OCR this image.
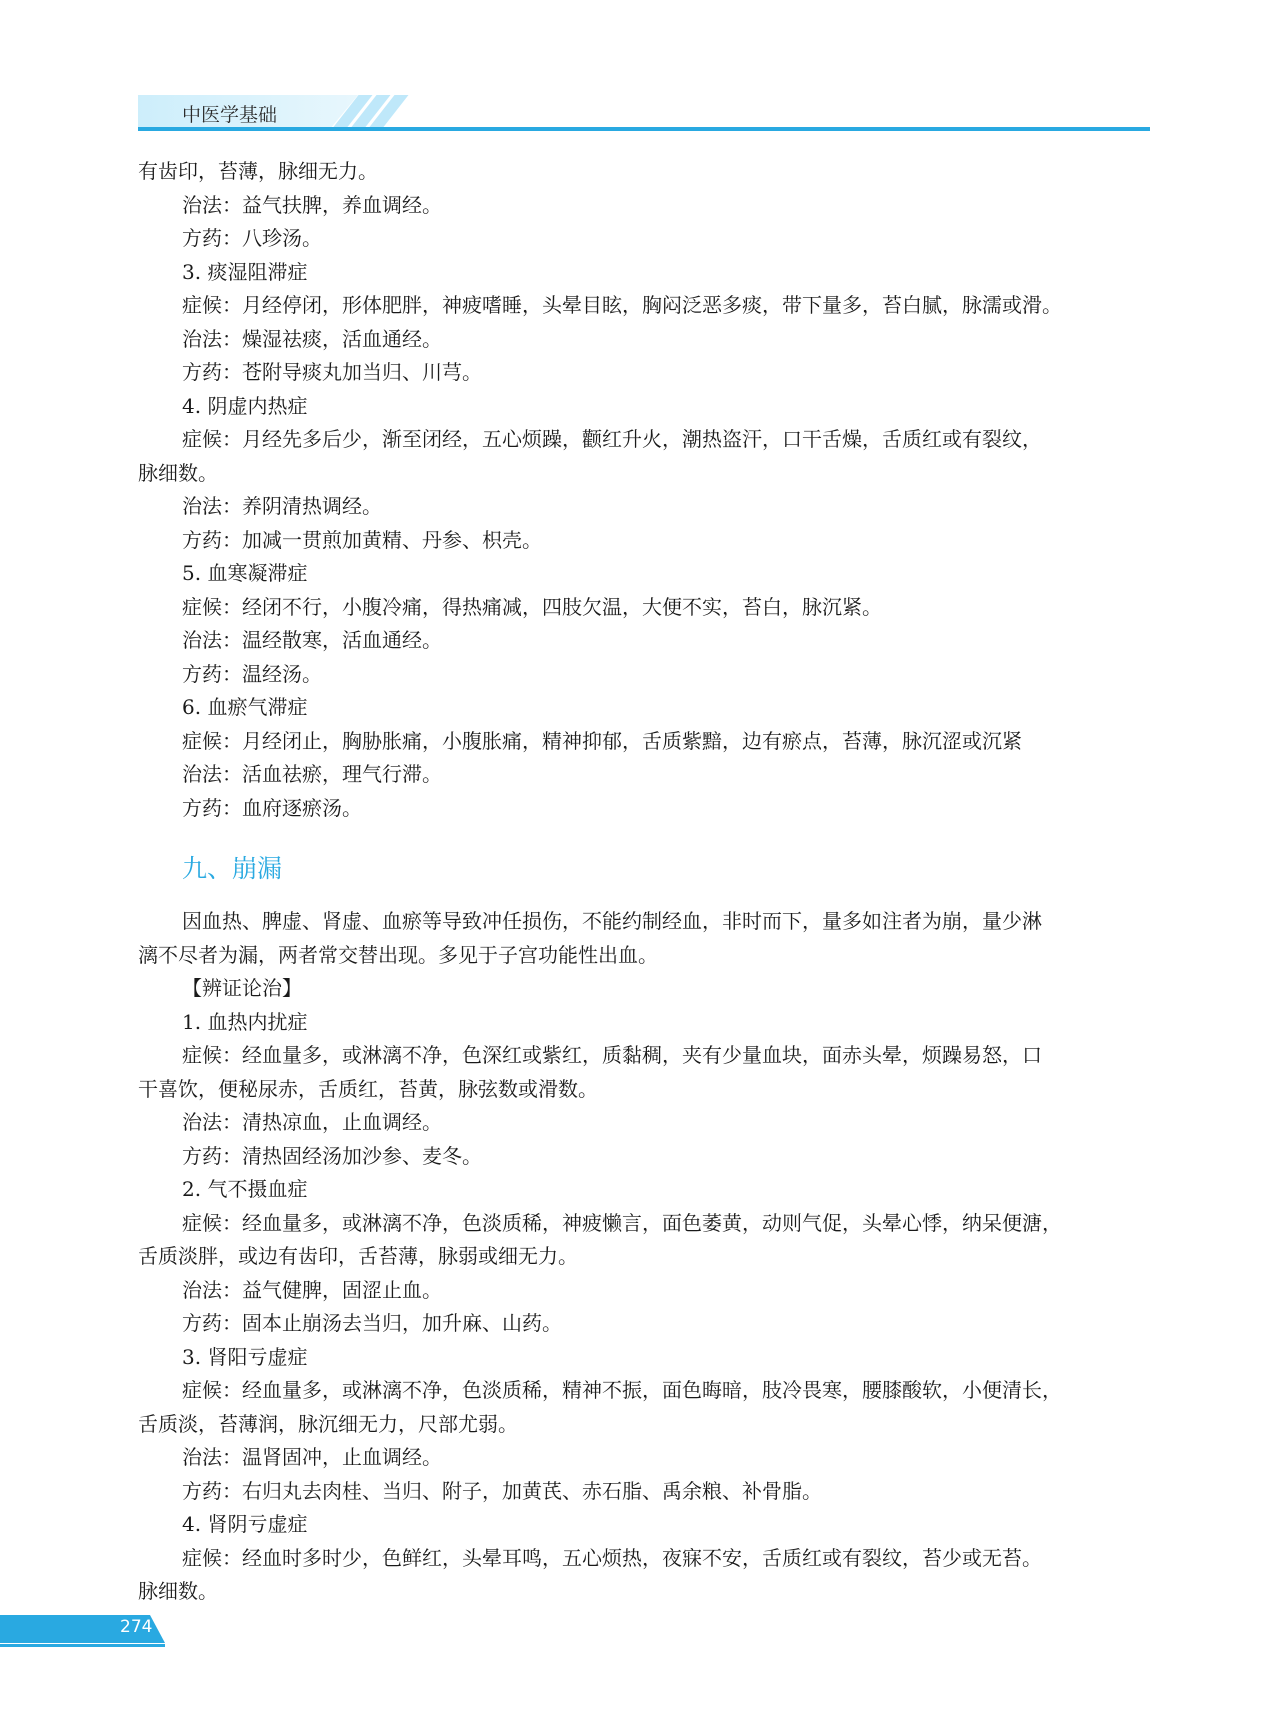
中医学基础
有齿印，苔薄，脉细无力。
治法：益气扶脾，养血调经。
方药：八珍汤。
3. 痰湿阻滞症
症候：月经停闭，形体肥胖，神疲嗜睡，头晕目眩，胸闷泛恶多痰，带下量多，苔白腻，脉濡或滑。
治法：燥湿祛痰，活血通经。
方药：苍附导痰丸加当归、川芎。
4. 阴虚内热症
症候：月经先多后少，渐至闭经，五心烦躁，颧红升火，潮热盗汗，口干舌燥，舌质红或有裂纹，
脉细数。
治法：养阴清热调经。
方药：加减一贯煎加黄精、丹参、枳壳。
5. 血寒凝滞症
症候：经闭不行，小腹冷痛，得热痛减，四肢欠温，大便不实，苔白，脉沉紧。
治法：温经散寒，活血通经。
方药：温经汤。
6. 血瘀气滞症
症候：月经闭止，胸胁胀痛，小腹胀痛，精神抑郁，舌质紫黯，边有瘀点，苔薄，脉沉涩或沉紧
治法：活血祛瘀，理气行滞。
方药：血府逐瘀汤。
九、崩漏
因血热、脾虚、肾虚、血瘀等导致冲任损伤，不能约制经血，非时而下，量多如注者为崩，量少淋
漓不尽者为漏，两者常交替出现。多见于子宫功能性出血。
【辨证论治】
1. 血热内扰症
症候：经血量多，或淋漓不净，色深红或紫红，质黏稠，夹有少量血块，面赤头晕，烦躁易怒，口
干喜饮，便秘尿赤，舌质红，苔黄，脉弦数或滑数。
治法：清热凉血，止血调经。
方药：清热固经汤加沙参、麦冬。
2. 气不摄血症
症候：经血量多，或淋漓不净，色淡质稀，神疲懒言，面色萎黄，动则气促，头晕心悸，纳呆便溏，
舌质淡胖，或边有齿印，舌苔薄，脉弱或细无力。
治法：益气健脾，固涩止血。
方药：固本止崩汤去当归，加升麻、山药。
3. 肾阳亏虚症
症候：经血量多，或淋漓不净，色淡质稀，精神不振，面色晦暗，肢冷畏寒，腰膝酸软，小便清长，
舌质淡，苔薄润，脉沉细无力，尺部尤弱。
治法：温肾固冲，止血调经。
方药：右归丸去肉桂、当归、附子，加黄芪、赤石脂、禹余粮、补骨脂。
4. 肾阴亏虚症
症候：经血时多时少，色鲜红，头晕耳鸣，五心烦热，夜寐不安，舌质红或有裂纹，苔少或无苔。
脉细数。
274
